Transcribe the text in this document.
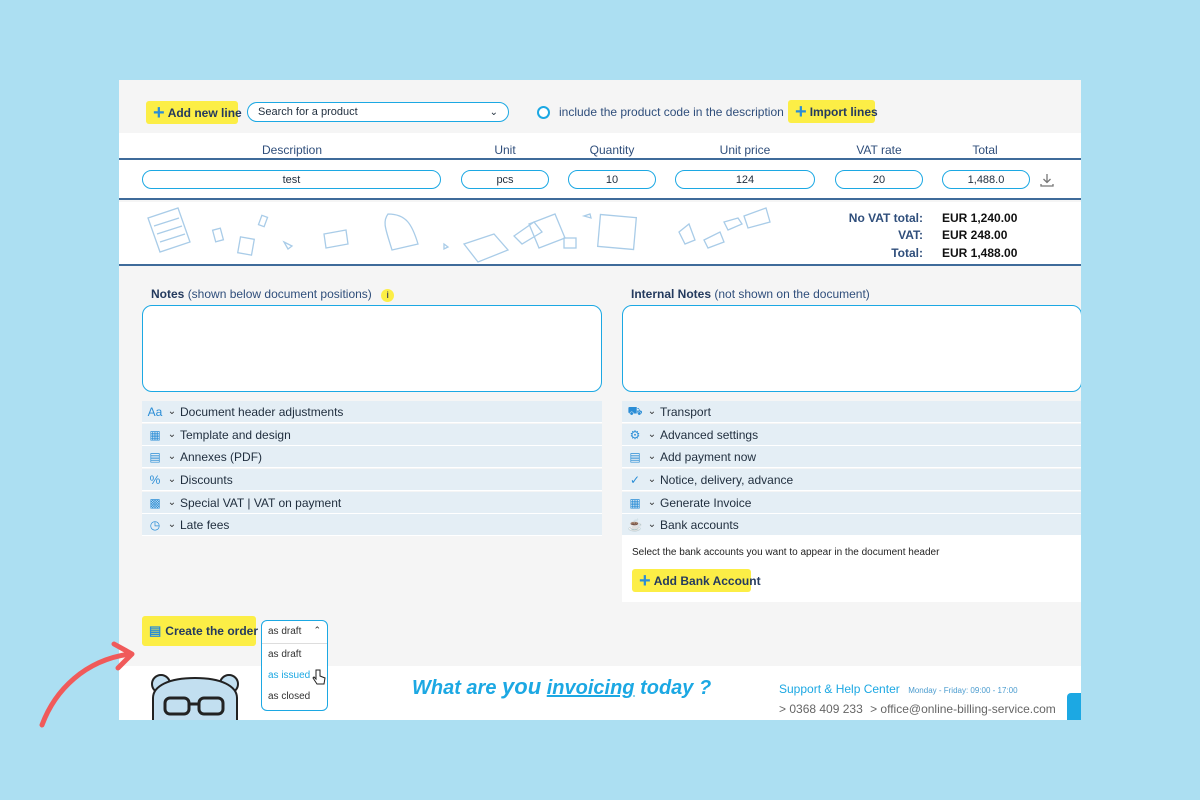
+ Add new line Search for a product	⌄	include the product code in the description + Import lines
Description	Unit	Quantity	Unit price	VAT rate	Total
test	pcs	10	124	20	1,488.0
No VAT total: EUR 1,240.00
VAT: EUR 248.00
Total: EUR 1,488.00
Notes (shown below document positions) i	Internal Notes (not shown on the document)
Aa ⌄ Document header adjustments
▦ ⌄ Template and design
▤ ⌄ Annexes (PDF)
% ⌄ Discounts
▩ ⌄ Special VAT | VAT on payment
◷ ⌄ Late fees
⛟ ⌄ Transport
⚙ ⌄ Advanced settings
▤ ⌄ Add payment now
✓ ⌄ Notice, delivery, advance
▦ ⌄ Generate Invoice
☕ ⌄ Bank accounts
Select the bank accounts you want to appear in the document header
+ Add Bank Account
▤ Create the order
What are you invoicing today ?	Support & Help Center Monday - Friday: 09:00 - 17:00
> 0368 409 233 > office@online-billing-service.com
as draft ⌃
as draft
as issued
as closed
